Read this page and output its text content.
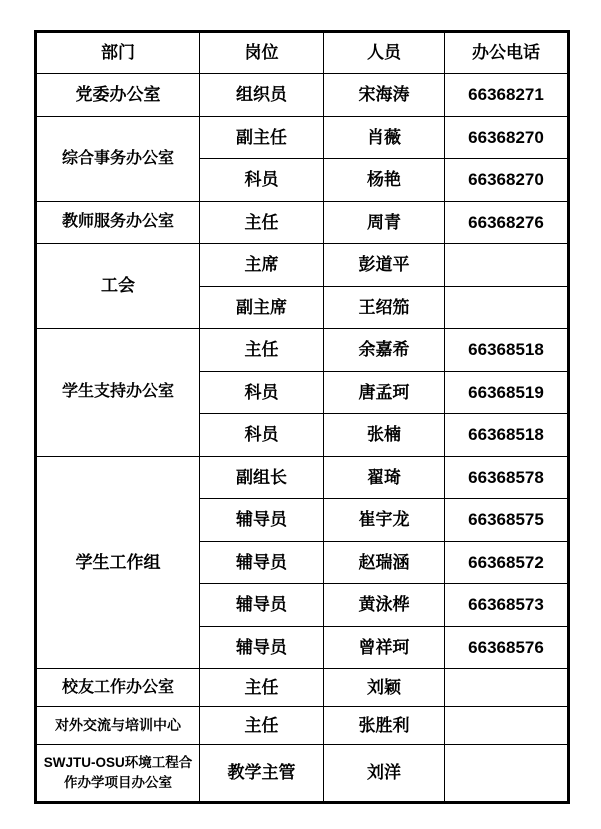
部门	岗位	人员	办公电话
党委办公室	组织员	宋海涛	66368271
综合事务办公室	副主任	肖薇	66368270
	科员	杨艳	66368270
教师服务办公室	主任	周青	66368276
工会	主席	彭道平	
	副主席	王绍笳	
学生支持办公室	主任	余嘉希	66368518
	科员	唐孟珂	66368519
	科员	张楠	66368518
学生工作组	副组长	翟琦	66368578
	辅导员	崔宇龙	66368575
	辅导员	赵瑞涵	66368572
	辅导员	黄泳桦	66368573
	辅导员	曾祥珂	66368576
校友工作办公室	主任	刘颖	
对外交流与培训中心	主任	张胜利	
SWJTU-OSU环境工程合作办学项目办公室	教学主管	刘洋	
